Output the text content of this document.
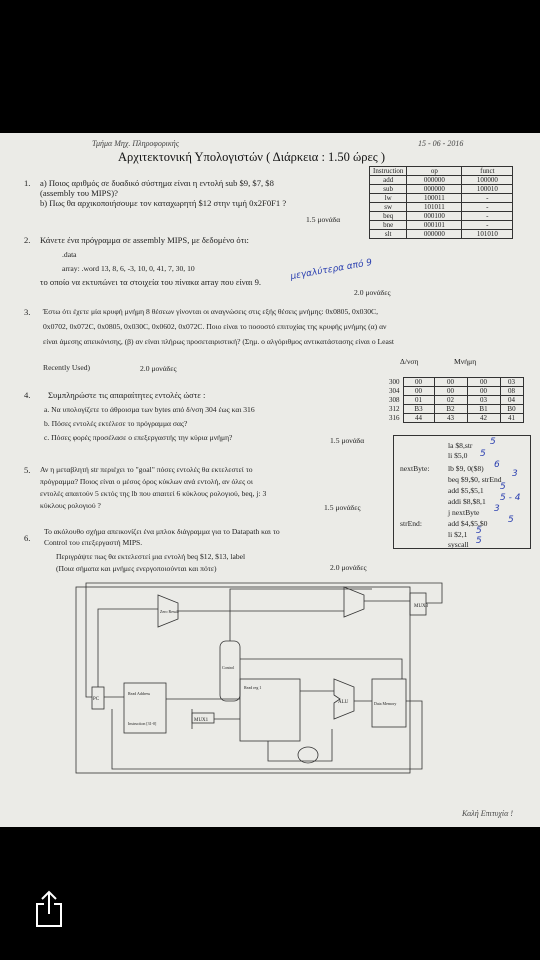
Τμήμα Μηχ. Πληροφορικής	15 - 06 - 2016
Αρχιτεκτονική Υπολογιστών ( Διάρκεια : 1.50 ώρες )
Instruction	op	funct
add	000000	100000
sub	000000	100010
lw	100011	-
sw	101011	-
beq	000100	-
bne	000101	-
slt	000000	101010
1. a) Ποιος αριθμός σε δυαδικό σύστημα είναι η εντολή sub $9, $7, $8
(assembly του MIPS)?
b) Πως θα αρχικοποιήσουμε τον καταχωρητή $12 στην τιμή 0x2F0F1 ?
1.5 μονάδα
2. Κάνετε ένα πρόγραμμα σε assembly MIPS, με δεδομένο ότι:
.data
array: .word 13, 8, 6, -3, 10, 0, 41, 7, 30, 10
το οποίο να εκτυπώνει τα στοιχεία του πίνακα array που είναι 9.	μεγαλύτερα από 9
2.0 μονάδες
3. Έστω ότι έχετε μία κρυφή μνήμη 8 θέσεων γίνονται οι αναγνώσεις στις εξής θέσεις μνήμης: 0x0805, 0x030C,
0x0702, 0x072C, 0x0805, 0x030C, 0x0602, 0x072C. Ποιο είναι το ποσοστό επιτυχίας της κρυφής μνήμης (α) αν
είναι άμεσης απεικόνισης, (β) αν είναι πλήρως προσεταιριστική? (Σημ. ο αλγόριθμος αντικατάστασης είναι ο Least
Recently Used)	2.0 μονάδες
Δ/νση	Μνήμη
300	00	00	00	03
304	00	00	00	08
308	01	02	03	04
312	B3	B2	B1	B0
316	44	43	42	41
4. Συμπληρώστε τις απαραίτητες εντολές ώστε :
a. Να υπολογίζετε το άθροισμα των bytes από δ/νση 304 έως και 316
b. Πόσες εντολές εκτέλεσε το πρόγραμμα σας?
c. Πόσες φορές προσέλασε ο επεξεργαστής την κύρια μνήμη?	1.5 μονάδα
la $8,str 5
li $5,0 5
nextByte: lb $9, 0($8) 6
beq $9,$0, strEnd
3
add $5,$5,1 5
addi $8,$8,1 5 - 4
j nextByte 3
strEnd:	add $4,$5,$0 5
li $2,1 5
syscall 5
5. Αν η μεταβλητή str περιέχει το "goal" πόσες εντολές θα εκτελεστεί το
πρόγραμμα? Ποιος είναι ο μέσος όρος κύκλων ανά εντολή, αν όλες οι
εντολές απαιτούν 5 εκτός της lb που απαιτεί 6 κύκλους ρολογιού, beq, j: 3
κύκλους ρολογιού ?	1.5 μονάδες
6.
Το ακόλουθο σχήμα απεικονίζει ένα μπλοκ διάγραμμα για το Datapath και το
Control του επεξεργαστή MIPS.
Περιγράψτε πως θα εκτελεστεί μια εντολή beq $12, $13, label
(Ποια σήματα και μνήμες ενεργοποιούνται και πότε)	2.0 μονάδες
MUX3
MUX1
PC
Read Address
Instruction [31-0]
Read reg 1
Control
ALU	Data Memory
Zero Result
Καλή Επιτυχία !
